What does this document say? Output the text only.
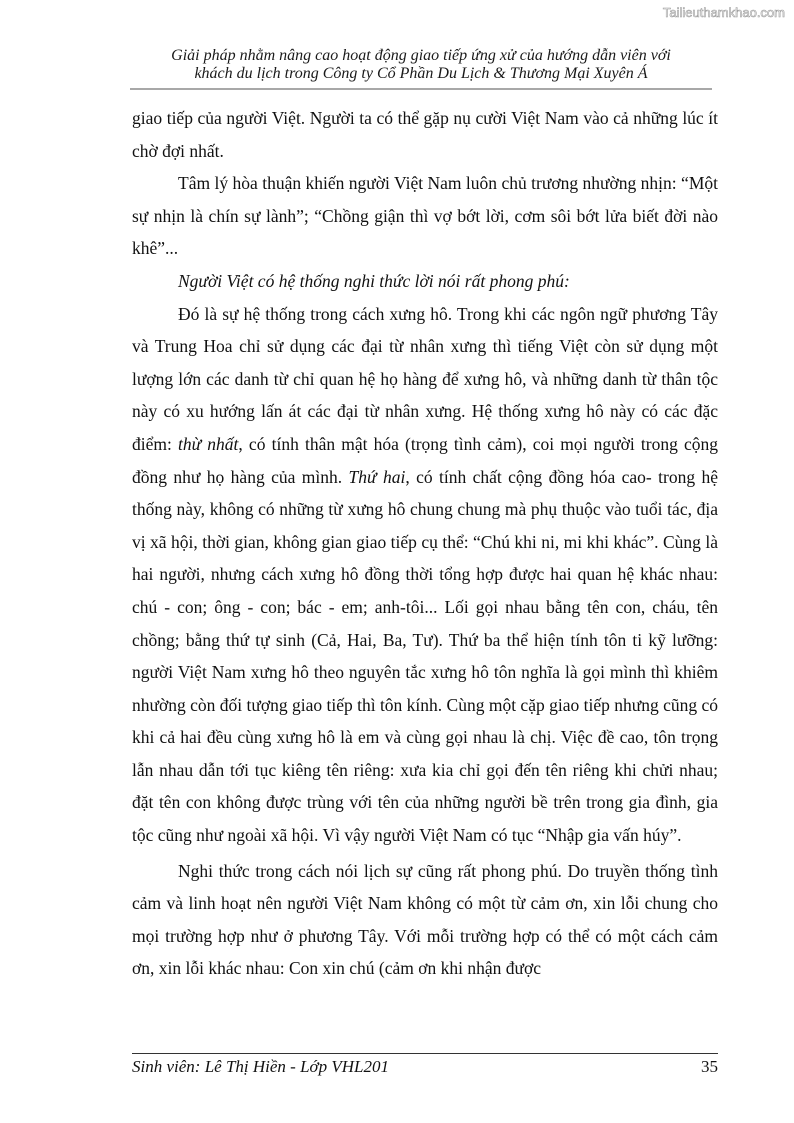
Tailieuthamkhao.com
Giải pháp nhằm nâng cao hoạt động giao tiếp ứng xử của hướng dẫn viên với
khách du lịch trong Công ty Cổ Phần Du Lịch & Thương Mại Xuyên Á

giao tiếp của người Việt. Người ta có thể gặp nụ cười Việt Nam vào cả những lúc ít chờ đợi nhất.

Tâm lý hòa thuận khiến người Việt Nam luôn chủ trương nhường nhịn: “Một sự nhịn là chín sự lành”; “Chồng giận thì vợ bớt lời, cơm sôi bớt lửa biết đời nào khê”...

Người Việt có hệ thống nghi thức lời nói rất phong phú:

Đó là sự hệ thống trong cách xưng hô. Trong khi các ngôn ngữ phương Tây và Trung Hoa chỉ sử dụng các đại từ nhân xưng thì tiếng Việt còn sử dụng một lượng lớn các danh từ chỉ quan hệ họ hàng để xưng hô, và những danh từ thân tộc này có xu hướng lấn át các đại từ nhân xưng. Hệ thống xưng hô này có các đặc điểm: thừ nhất, có tính thân mật hóa (trọng tình cảm), coi mọi người trong cộng đồng như họ hàng của mình. Thứ hai, có tính chất cộng đồng hóa cao- trong hệ thống này, không có những từ xưng hô chung chung mà phụ thuộc vào tuổi tác, địa vị xã hội, thời gian, không gian giao tiếp cụ thể: “Chú khi ni, mi khi khác”. Cùng là hai người, nhưng cách xưng hô đồng thời tổng hợp được hai quan hệ khác nhau: chú - con; ông - con; bác - em; anh-tôi... Lối gọi nhau bằng tên con, cháu, tên chồng; bằng thứ tự sinh (Cả, Hai, Ba, Tư). Thứ ba thể hiện tính tôn ti kỹ lưỡng: người Việt Nam xưng hô theo nguyên tắc xưng hô tôn nghĩa là gọi mình thì khiêm nhường còn đối tượng giao tiếp thì tôn kính. Cùng một cặp giao tiếp nhưng cũng có khi cả hai đều cùng xưng hô là em và cùng gọi nhau là chị. Việc đề cao, tôn trọng lẫn nhau dẫn tới tục kiêng tên riêng: xưa kia chỉ gọi đến tên riêng khi chửi nhau; đặt tên con không được trùng với tên của những người bề trên trong gia đình, gia tộc cũng như ngoài xã hội. Vì vậy người Việt Nam có tục “Nhập gia vấn húy”.

Nghi thức trong cách nói lịch sự cũng rất phong phú. Do truyền thống tình cảm và linh hoạt nên người Việt Nam không có một từ cảm ơn, xin lỗi chung cho mọi trường hợp như ở phương Tây. Với mỗi trường hợp có thể có một cách cảm ơn, xin lỗi khác nhau: Con xin chú (cảm ơn khi nhận được

Sinh viên: Lê Thị Hiền - Lớp VHL201	35
